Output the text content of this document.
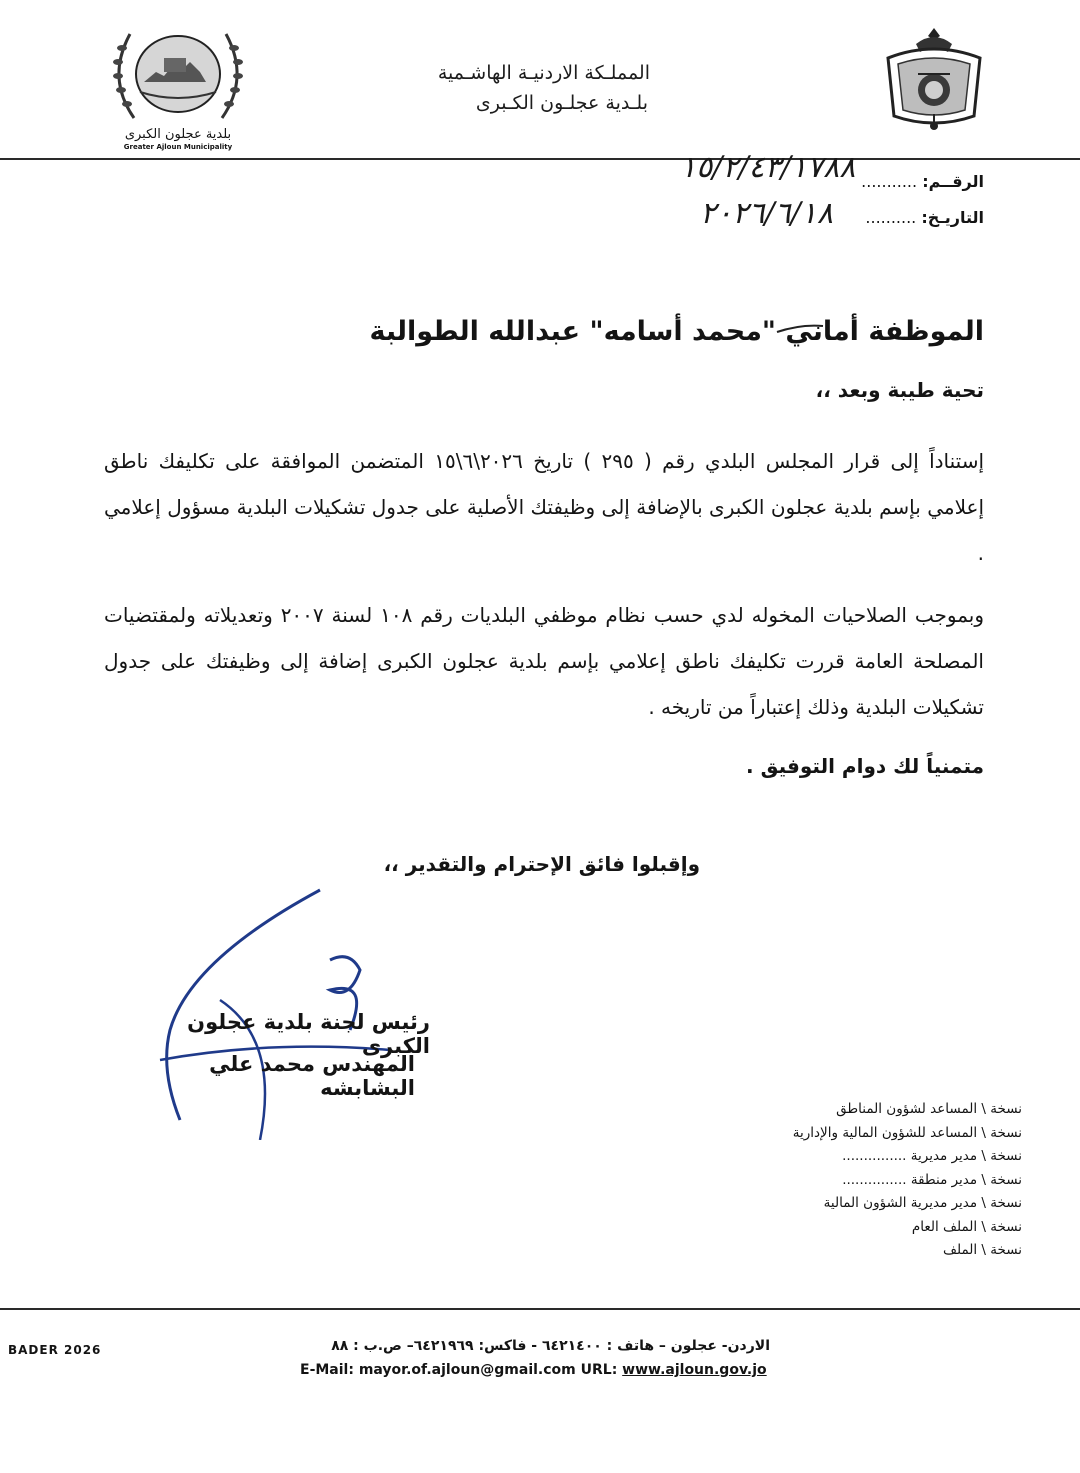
المملـكة الاردنيـة الهاشـمية
بلـدية عجلـون الكـبرى
بلدية عجلون الكبرى
Greater Ajloun Municipality
الرقــم: ...........
١٥/٢/٤٣/١٧٨٨
التاريـخ: ..........
٢٠٢٦/٦/١٨
الموظفة أماني "محمد أسامه" عبدالله الطوالبة
تحية طيبة وبعد ،،
إستناداً إلى قرار المجلس البلدي رقم ( ٢٩٥ ) تاريخ ٢٠٢٦\٦\١٥ المتضمن الموافقة على تكليفك ناطق إعلامي بإسم بلدية عجلون الكبرى بالإضافة إلى وظيفتك الأصلية على جدول تشكيلات البلدية مسؤول إعلامي .
وبموجب الصلاحيات المخوله لدي حسب نظام موظفي البلديات رقم ١٠٨ لسنة ٢٠٠٧ وتعديلاته ولمقتضيات المصلحة العامة قررت تكليفك ناطق إعلامي بإسم بلدية عجلون الكبرى إضافة إلى وظيفتك على جدول تشكيلات البلدية وذلك إعتباراً من تاريخه .
متمنياً لك دوام التوفيق .
وإقبلوا فائق الإحترام والتقدير ،،
رئيس لجنة بلدية عجلون الكبرى
المهندس محمد علي البشابشه
نسخة \ المساعد لشؤون المناطق
نسخة \ المساعد للشؤون المالية والإدارية
نسخة \ مدير مديرية ...............
نسخة \ مدير منطقة ...............
نسخة \ مدير مديرية الشؤون المالية
نسخة \ الملف العام
نسخة \ الملف
الاردن- عجلون – هاتف : ٦٤٢١٤٠٠ - فاكس: ٦٤٢١٩٦٩– ص.ب : ٨٨
E-Mail: mayor.of.ajloun@gmail.com URL: www.ajloun.gov.jo
BADER 2026
